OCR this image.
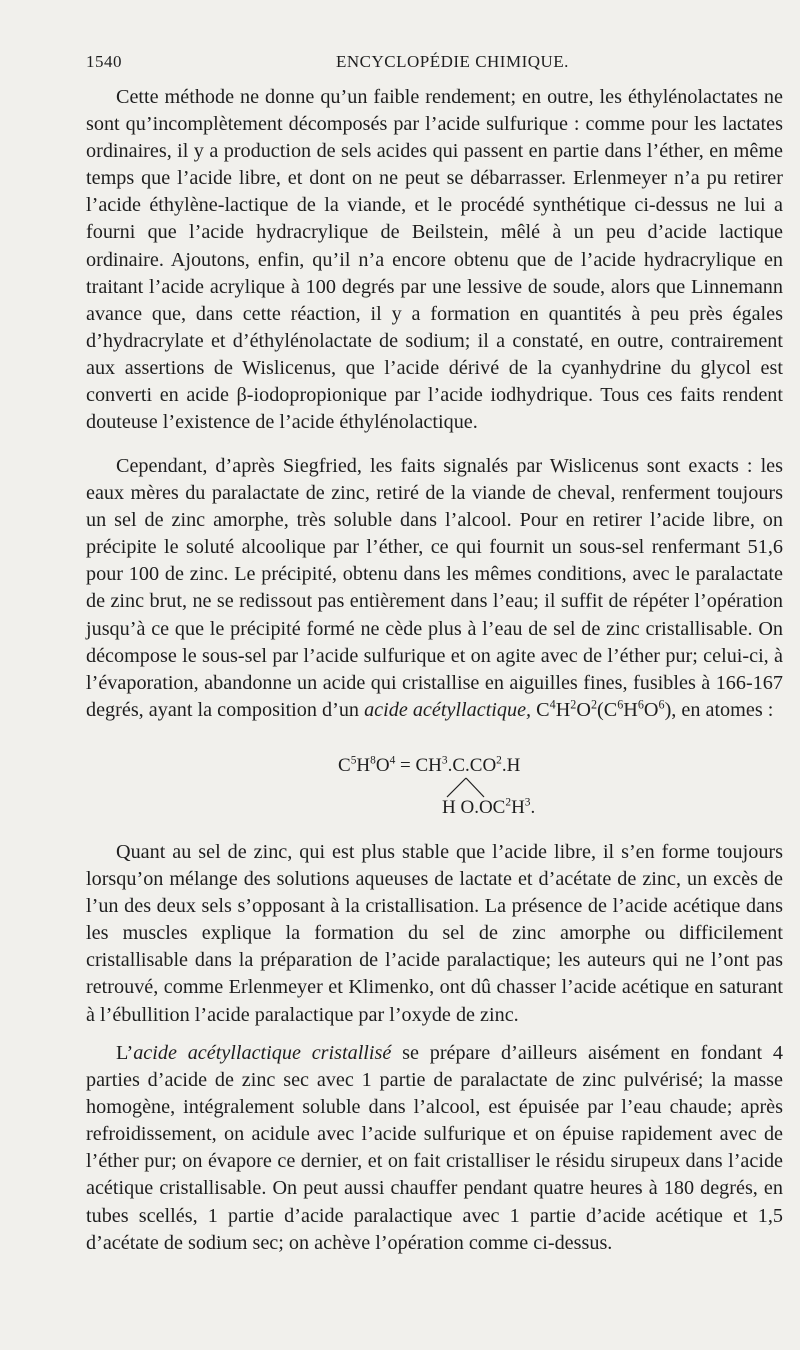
1540	ENCYCLOPÉDIE CHIMIQUE.

Cette méthode ne donne qu’un faible rendement; en outre, les éthylénolactates ne sont qu’incomplètement décomposés par l’acide sulfurique : comme pour les lactates ordinaires, il y a production de sels acides qui passent en partie dans l’éther, en même temps que l’acide libre, et dont on ne peut se débarrasser. Erlenmeyer n’a pu retirer l’acide éthylène-lactique de la viande, et le procédé synthétique ci-dessus ne lui a fourni que l’acide hydracrylique de Beilstein, mêlé à un peu d’acide lactique ordinaire. Ajoutons, enfin, qu’il n’a encore obtenu que de l’acide hydracrylique en traitant l’acide acrylique à 100 degrés par une lessive de soude, alors que Linnemann avance que, dans cette réaction, il y a formation en quantités à peu près égales d’hydracrylate et d’éthylénolactate de sodium; il a constaté, en outre, contrairement aux assertions de Wislicenus, que l’acide dérivé de la cyanhydrine du glycol est converti en acide β-iodopropionique par l’acide iodhydrique. Tous ces faits rendent douteuse l’existence de l’acide éthylénolactique.

Cependant, d’après Siegfried, les faits signalés par Wislicenus sont exacts : les eaux mères du paralactate de zinc, retiré de la viande de cheval, renferment toujours un sel de zinc amorphe, très soluble dans l’alcool. Pour en retirer l’acide libre, on précipite le soluté alcoolique par l’éther, ce qui fournit un sous-sel renfermant 51,6 pour 100 de zinc. Le précipité, obtenu dans les mêmes conditions, avec le paralactate de zinc brut, ne se redissout pas entièrement dans l’eau; il suffit de répéter l’opération jusqu’à ce que le précipité formé ne cède plus à l’eau de sel de zinc cristallisable. On décompose le sous-sel par l’acide sulfurique et on agite avec de l’éther pur; celui-ci, à l’évaporation, abandonne un acide qui cristallise en aiguilles fines, fusibles à 166-167 degrés, ayant la composition d’un acide acétyllactique, $C^4H^2O^2(C^6H^6O^6)$, en atomes :

$C^5H^8O^4 = CH^3.C.CO^2.H$
H $O.OC^2H^3$.

Quant au sel de zinc, qui est plus stable que l’acide libre, il s’en forme toujours lorsqu’on mélange des solutions aqueuses de lactate et d’acétate de zinc, un excès de l’un des deux sels s’opposant à la cristallisation. La présence de l’acide acétique dans les muscles explique la formation du sel de zinc amorphe ou difficilement cristallisable dans la préparation de l’acide paralactique; les auteurs qui ne l’ont pas retrouvé, comme Erlenmeyer et Klimenko, ont dû chasser l’acide acétique en saturant à l’ébullition l’acide paralactique par l’oxyde de zinc.

L’acide acétyllactique cristallisé se prépare d’ailleurs aisément en fondant 4 parties d’acide de zinc sec avec 1 partie de paralactate de zinc pulvérisé; la masse homogène, intégralement soluble dans l’alcool, est épuisée par l’eau chaude; après refroidissement, on acidule avec l’acide sulfurique et on épuise rapidement avec de l’éther pur; on évapore ce dernier, et on fait cristalliser le résidu sirupeux dans l’acide acétique cristallisable. On peut aussi chauffer pendant quatre heures à 180 degrés, en tubes scellés, 1 partie d’acide paralactique avec 1 partie d’acide acétique et 1,5 d’acétate de sodium sec; on achève l’opération comme ci-dessus.
